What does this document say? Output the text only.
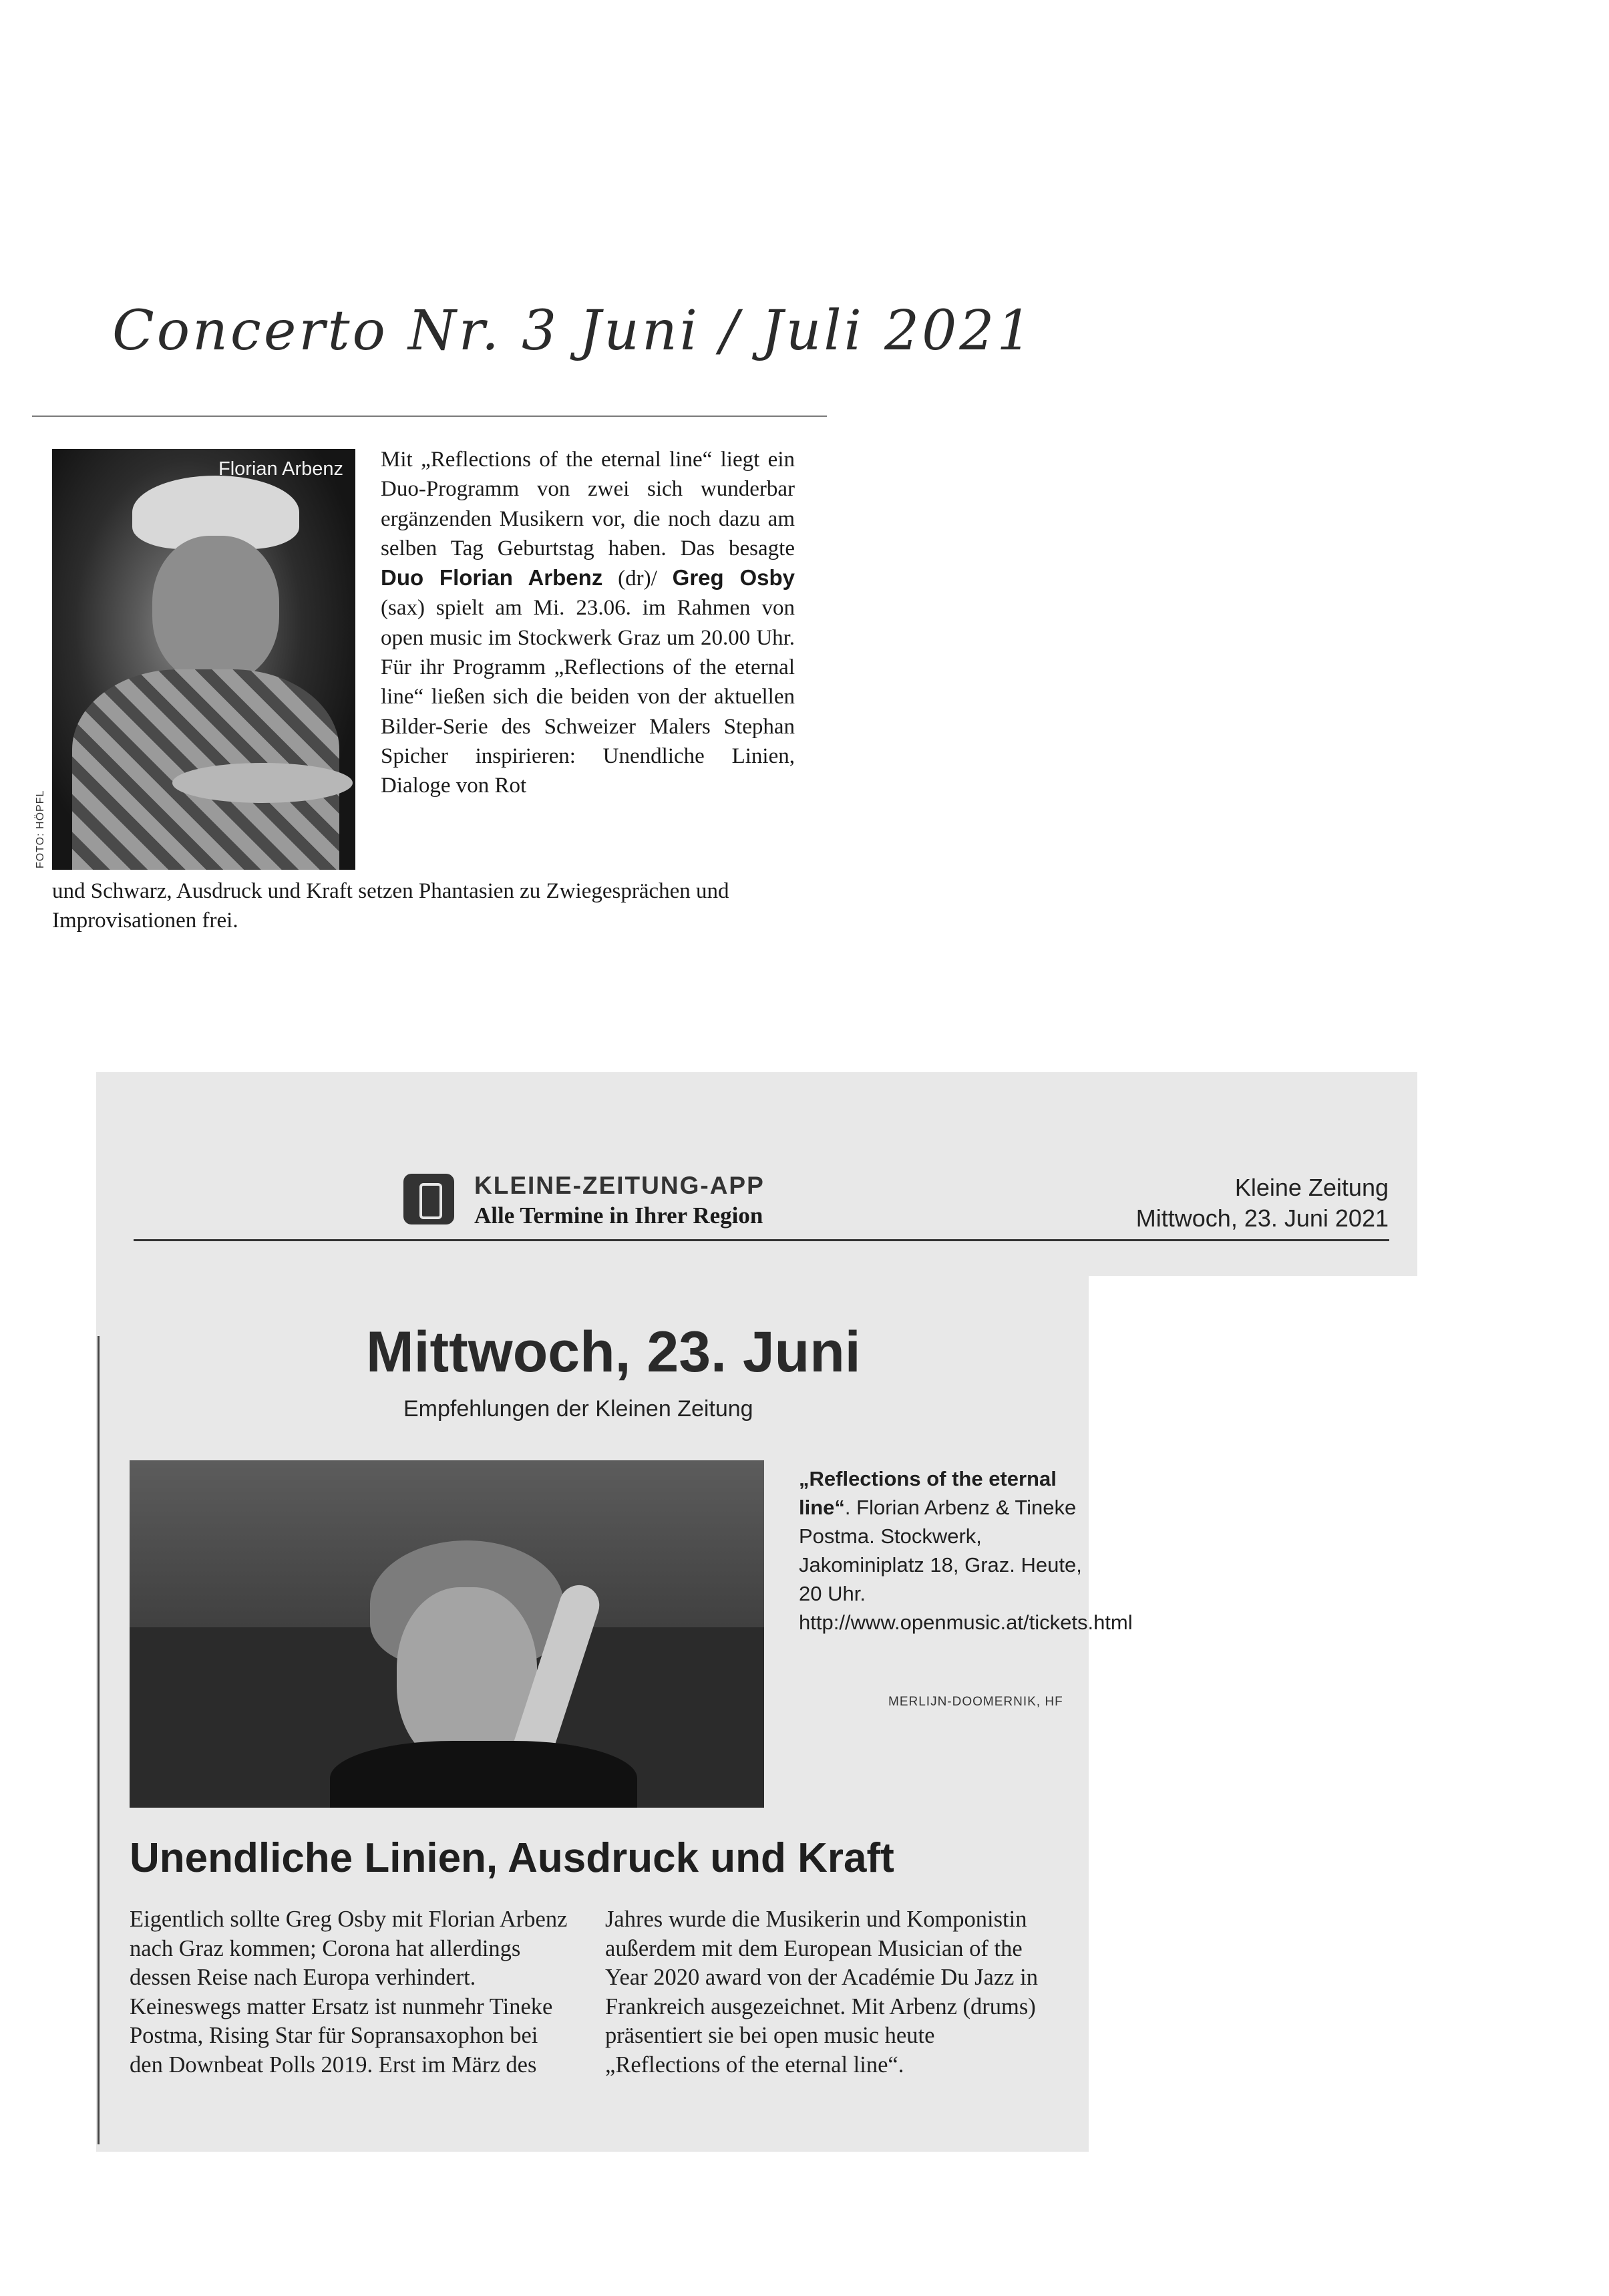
Concerto Nr. 3 Juni / Juli 2021
Florian Arbenz
FOTO: HÖPFL
Mit „Reflections of the eternal line“ liegt ein Duo-Programm von zwei sich wunderbar ergänzenden Musikern vor, die noch dazu am selben Tag Geburtstag haben. Das besagte Duo Florian Arbenz (dr)/ Greg Osby (sax) spielt am Mi. 23.06. im Rahmen von open music im Stockwerk Graz um 20.00 Uhr. Für ihr Programm „Reflections of the eternal line“ ließen sich die beiden von der aktuellen Bilder-Serie des Schweizer Malers Stephan Spicher inspirieren: Unendliche Linien, Dialoge von Rot
und Schwarz, Ausdruck und Kraft setzen Phantasien zu Zwiegesprächen und Improvisationen frei.
KLEINE-ZEITUNG-APP
Alle Termine in Ihrer Region
Kleine Zeitung
Mittwoch, 23. Juni 2021
Mittwoch, 23. Juni
Empfehlungen der Kleinen Zeitung
„Reflections of the eternal line“. Florian Arbenz & Tineke Postma. Stockwerk, Jakominiplatz 18, Graz. Heute, 20 Uhr. http://www.openmusic.at/tickets.html
MERLIJN-DOOMERNIK, HF
Unendliche Linien, Ausdruck und Kraft
Eigentlich sollte Greg Osby mit Florian Arbenz nach Graz kommen; Corona hat allerdings dessen Reise nach Europa verhindert. Keineswegs matter Ersatz ist nunmehr Tineke Postma, Rising Star für Sopransaxophon bei den Downbeat Polls 2019. Erst im März des
Jahres wurde die Musikerin und Komponistin außerdem mit dem European Musician of the Year 2020 award von der Académie Du Jazz in Frankreich ausgezeichnet. Mit Arbenz (drums) präsentiert sie bei open music heute „Reflections of the eternal line“.
